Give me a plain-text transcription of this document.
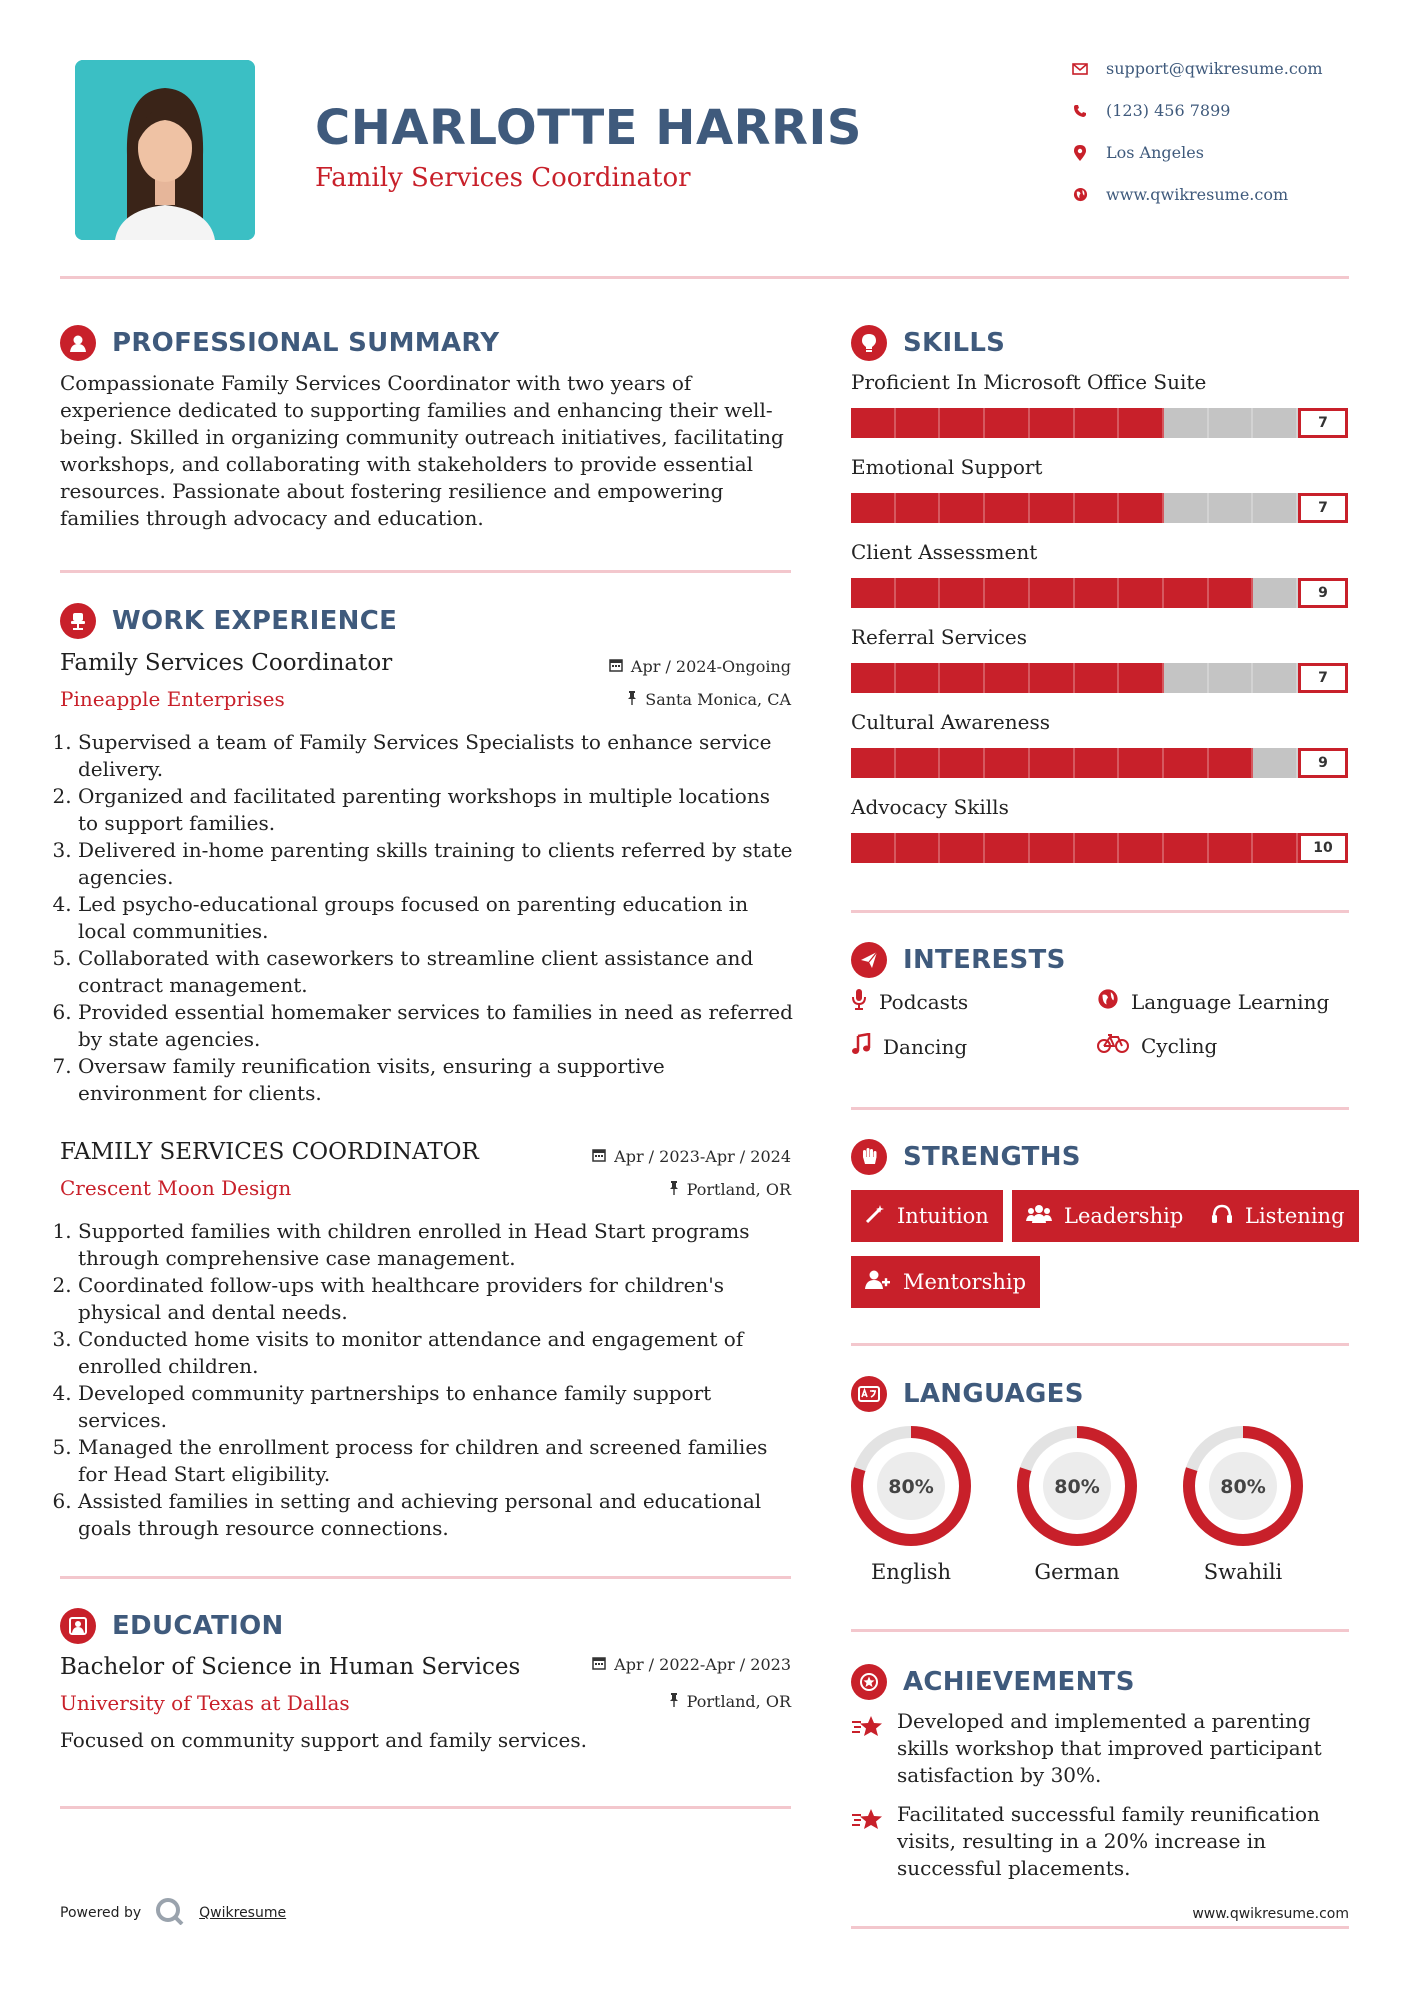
CHARLOTTE HARRIS
Family Services Coordinator
support@qwikresume.com
(123) 456 7899
Los Angeles
www.qwikresume.com
PROFESSIONAL SUMMARY
Compassionate Family Services Coordinator with two years of experience dedicated to supporting families and enhancing their well-being. Skilled in organizing community outreach initiatives, facilitating workshops, and collaborating with stakeholders to provide essential resources. Passionate about fostering resilience and empowering families through advocacy and education.
WORK EXPERIENCE
Family Services Coordinator
Pineapple Enterprises
Apr / 2024-Ongoing
Santa Monica, CA
1. Supervised a team of Family Services Specialists to enhance service delivery.
2. Organized and facilitated parenting workshops in multiple locations to support families.
3. Delivered in-home parenting skills training to clients referred by state agencies.
4. Led psycho-educational groups focused on parenting education in local communities.
5. Collaborated with caseworkers to streamline client assistance and contract management.
6. Provided essential homemaker services to families in need as referred by state agencies.
7. Oversaw family reunification visits, ensuring a supportive environment for clients.
FAMILY SERVICES COORDINATOR
Crescent Moon Design
Apr / 2023-Apr / 2024
Portland, OR
1. Supported families with children enrolled in Head Start programs through comprehensive case management.
2. Coordinated follow-ups with healthcare providers for children's physical and dental needs.
3. Conducted home visits to monitor attendance and engagement of enrolled children.
4. Developed community partnerships to enhance family support services.
5. Managed the enrollment process for children and screened families for Head Start eligibility.
6. Assisted families in setting and achieving personal and educational goals through resource connections.
EDUCATION
Bachelor of Science in Human Services
University of Texas at Dallas
Apr / 2022-Apr / 2023
Portland, OR
Focused on community support and family services.
Powered by	Qwikresume
SKILLS
Proficient In Microsoft Office Suite
7
Emotional Support
7
Client Assessment
9
Referral Services
7
Cultural Awareness
9
Advocacy Skills
10
INTERESTS
Podcasts	Language Learning
Dancing	Cycling
STRENGTHS
Intuition	Leadership	Listening
Mentorship
LANGUAGES
80%
English
80%
German
80%
Swahili
ACHIEVEMENTS
Developed and implemented a parenting skills workshop that improved participant satisfaction by 30%.
Facilitated successful family reunification visits, resulting in a 20% increase in successful placements.
www.qwikresume.com
